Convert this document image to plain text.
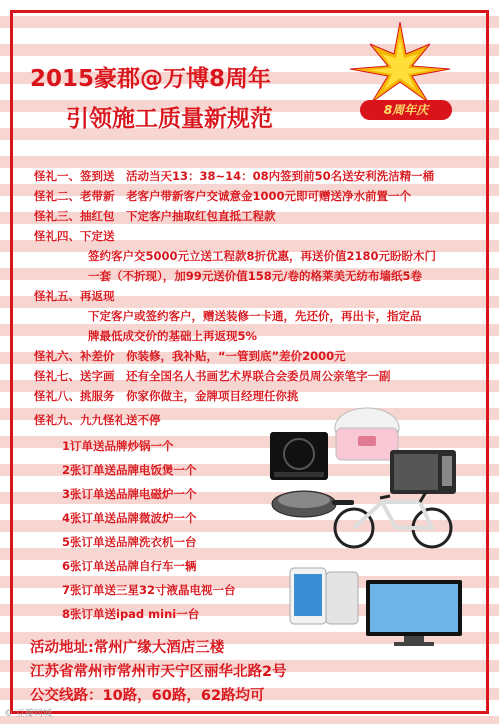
8周年庆
2015豪郡@万博8周年
引领施工质量新规范
怪礼一、签到送　活动当天13：38~14：08内签到前50名送安利洗洁精一桶
怪礼二、老带新　老客户带新客户交诚意金1000元即可赠送净水前置一个
怪礼三、抽红包　下定客户抽取红包直抵工程款
怪礼四、下定送
签约客户交5000元立送工程款8折优惠，再送价值2180元盼盼木门
一套（不折现），加99元送价值158元/卷的格莱美无纺布墙纸5卷
怪礼五、再返现
下定客户或签约客户，赠送装修一卡通，先还价，再出卡，指定品
牌最低成交价的基础上再返现5%
怪礼六、补差价　你装修，我补贴，“一管到底”差价2000元
怪礼七、送字画　还有全国名人书画艺术界联合会委员周公亲笔字一副
怪礼八、挑服务　你家你做主，金牌项目经理任你挑
怪礼九、九九怪礼送不停
1订单送品牌炒锅一个
2张订单送品牌电饭煲一个
3张订单送品牌电磁炉一个
4张订单送品牌微波炉一个
5张订单送品牌洗衣机一台
6张订单送品牌自行车一辆
7张订单送三星32寸液晶电视一台
8张订单送ipad mini一台
活动地址:常州广缘大酒店三楼
江苏省常州市常州市天宁区丽华北路2号
公交线路：10路，60路，62路均可
© 豆瓣同城
